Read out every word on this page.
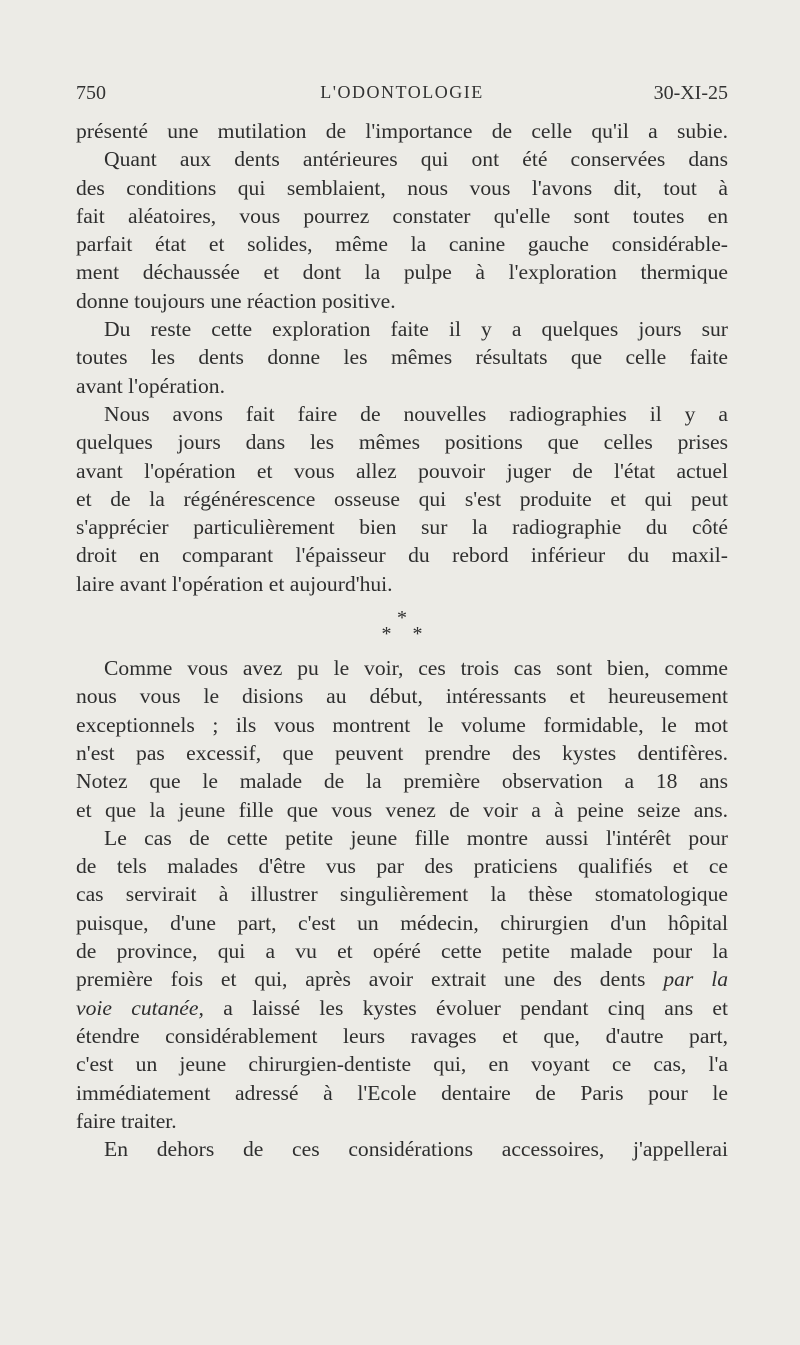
750	L'ODONTOLOGIE	30-XI-25
présenté une mutilation de l'importance de celle qu'il a subie.
Quant aux dents antérieures qui ont été conservées dans
des conditions qui semblaient, nous vous l'avons dit, tout à
fait aléatoires, vous pourrez constater qu'elle sont toutes en
parfait état et solides, même la canine gauche considérable-
ment déchaussée et dont la pulpe à l'exploration thermique
donne toujours une réaction positive.
Du reste cette exploration faite il y a quelques jours sur
toutes les dents donne les mêmes résultats que celle faite
avant l'opération.
Nous avons fait faire de nouvelles radiographies il y a
quelques jours dans les mêmes positions que celles prises
avant l'opération et vous allez pouvoir juger de l'état actuel
et de la régénérescence osseuse qui s'est produite et qui peut
s'apprécier particulièrement bien sur la radiographie du côté
droit en comparant l'épaisseur du rebord inférieur du maxil-
laire avant l'opération et aujourd'hui.
*
* *
Comme vous avez pu le voir, ces trois cas sont bien, comme
nous vous le disions au début, intéressants et heureusement
exceptionnels ; ils vous montrent le volume formidable, le mot
n'est pas excessif, que peuvent prendre des kystes dentifères.
Notez que le malade de la première observation a 18 ans
et que la jeune fille que vous venez de voir a à peine seize ans.
Le cas de cette petite jeune fille montre aussi l'intérêt pour
de tels malades d'être vus par des praticiens qualifiés et ce
cas servirait à illustrer singulièrement la thèse stomatologique
puisque, d'une part, c'est un médecin, chirurgien d'un hôpital
de province, qui a vu et opéré cette petite malade pour la
première fois et qui, après avoir extrait une des dents par la
voie cutanée, a laissé les kystes évoluer pendant cinq ans et
étendre considérablement leurs ravages et que, d'autre part,
c'est un jeune chirurgien-dentiste qui, en voyant ce cas, l'a
immédiatement adressé à l'Ecole dentaire de Paris pour le
faire traiter.
En dehors de ces considérations accessoires, j'appellerai
